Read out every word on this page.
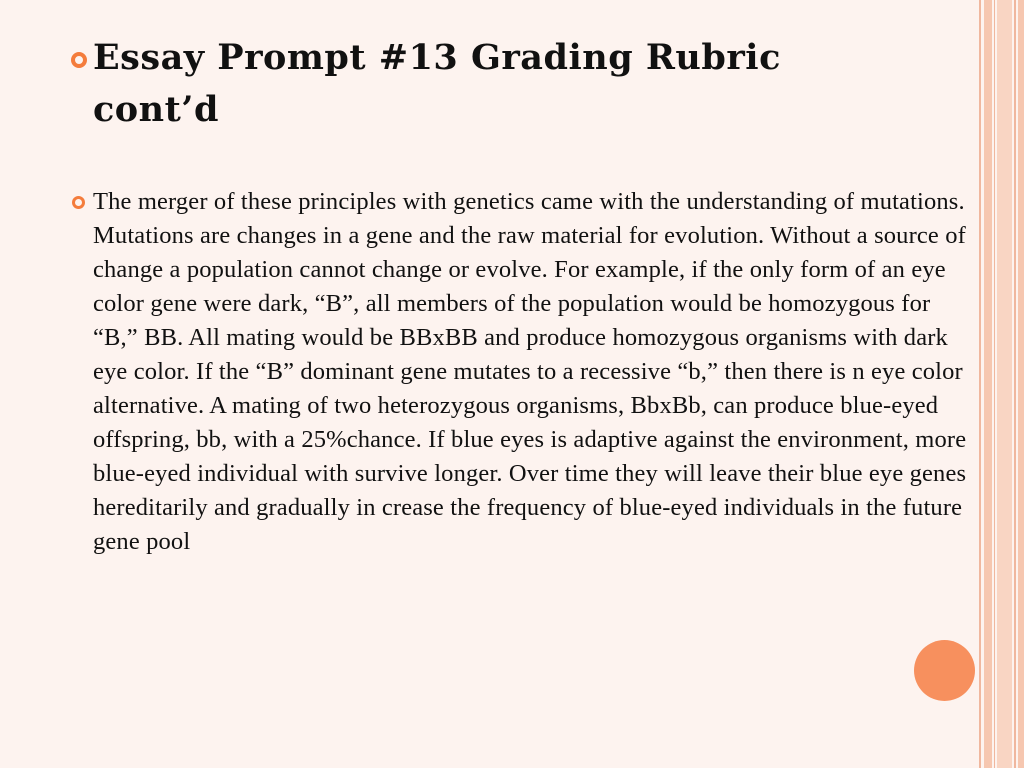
Essay Prompt #13 Grading Rubric cont’d

The merger of these principles with genetics came with the understanding of mutations. Mutations are changes in a gene and the raw material for evolution. Without a source of change a population cannot change or evolve. For example, if the only form of an eye color gene were dark, “B”, all members of the population would be homozygous for “B,” BB. All mating would be BBxBB and produce homozygous organisms with dark eye color. If the “B” dominant gene mutates to a recessive “b,” then there is n eye color alternative. A mating of two heterozygous organisms, BbxBb, can produce blue-eyed offspring, bb, with a 25%chance. If blue eyes is adaptive against the environment, more blue-eyed individual with survive longer. Over time they will leave their blue eye genes hereditarily and gradually in crease the frequency of blue-eyed individuals in the future gene pool
